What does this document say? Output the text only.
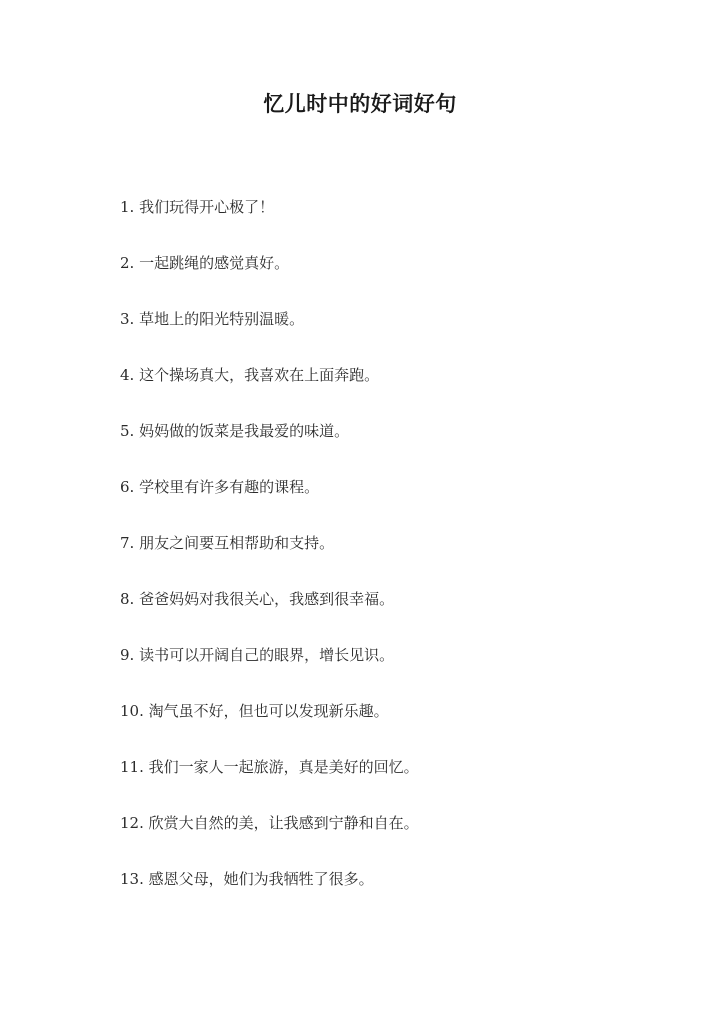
忆儿时中的好词好句
1. 我们玩得开心极了！
2. 一起跳绳的感觉真好。
3. 草地上的阳光特别温暖。
4. 这个操场真大，我喜欢在上面奔跑。
5. 妈妈做的饭菜是我最爱的味道。
6. 学校里有许多有趣的课程。
7. 朋友之间要互相帮助和支持。
8. 爸爸妈妈对我很关心，我感到很幸福。
9. 读书可以开阔自己的眼界，增长见识。
10. 淘气虽不好，但也可以发现新乐趣。
11. 我们一家人一起旅游，真是美好的回忆。
12. 欣赏大自然的美，让我感到宁静和自在。
13. 感恩父母，她们为我牺牲了很多。
